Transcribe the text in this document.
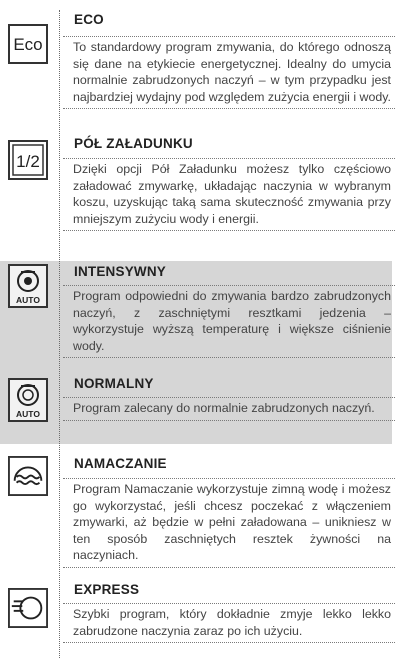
Eco
ECO
To standardowy program zmywania, do którego odnoszą się dane na etykiecie energetycznej. Idealny do umycia normalnie zabrudzonych naczyń – w tym przypadku jest najbardziej wydajny pod względem zużycia energii i wody.
1/2
PÓŁ ZAŁADUNKU
Dzięki opcji Pół Załadunku możesz tylko częściowo załadować zmywarkę, układając naczynia w wybranym koszu, uzyskując taką sama skuteczność zmywania przy mniejszym zużyciu wody i energii.
AUTO
INTENSYWNY
Program odpowiedni do zmywania bardzo zabrudzonych naczyń, z zaschniętymi resztkami jedzenia – wykorzystuje wyższą temperaturę i większe ciśnienie wody.
AUTO
NORMALNY
Program zalecany do normalnie zabrudzonych naczyń.
NAMACZANIE
Program Namaczanie wykorzystuje zimną wodę i możesz go wykorzystać, jeśli chcesz poczekać z włączeniem zmywarki, aż będzie w pełni załadowana – unikniesz w ten sposób zaschniętych resztek żywności na naczyniach.
EXPRESS
Szybki program, który dokładnie zmyje lekko lekko zabrudzone naczynia zaraz po ich użyciu.
